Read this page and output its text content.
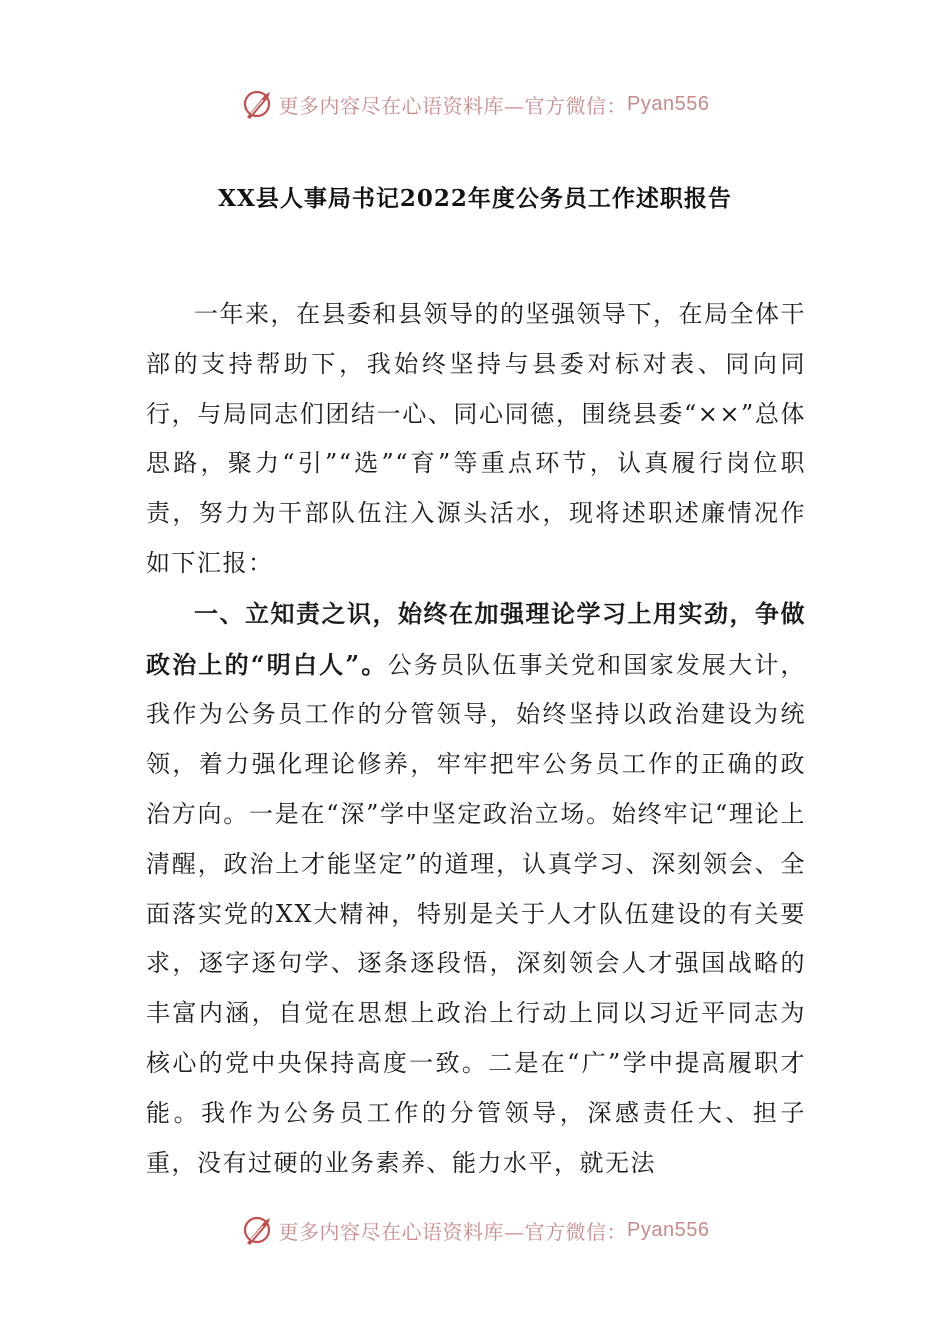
更多内容尽在心语资料库—官方微信： Pyan556
XX县人事局书记2022年度公务员工作述职报告

一年来，在县委和县领导的的坚强领导下，在局全体干部的支持帮助下，我始终坚持与县委对标对表、同向同行，与局同志们团结一心、同心同德，围绕县委“××”总体思路，聚力“引”“选”“育”等重点环节，认真履行岗位职责，努力为干部队伍注入源头活水，现将述职述廉情况作如下汇报：

一、立知责之识，始终在加强理论学习上用实劲，争做政治上的“明白人”。公务员队伍事关党和国家发展大计，我作为公务员工作的分管领导，始终坚持以政治建设为统领，着力强化理论修养，牢牢把牢公务员工作的正确的政治方向。一是在“深”学中坚定政治立场。始终牢记“理论上清醒，政治上才能坚定”的道理，认真学习、深刻领会、全面落实党的XX大精神，特别是关于人才队伍建设的有关要求，逐字逐句学、逐条逐段悟，深刻领会人才强国战略的丰富内涵，自觉在思想上政治上行动上同以习近平同志为核心的党中央保持高度一致。二是在“广”学中提高履职才能。我作为公务员工作的分管领导，深感责任大、担子重，没有过硬的业务素养、能力水平，就无法

更多内容尽在心语资料库—官方微信： Pyan556
